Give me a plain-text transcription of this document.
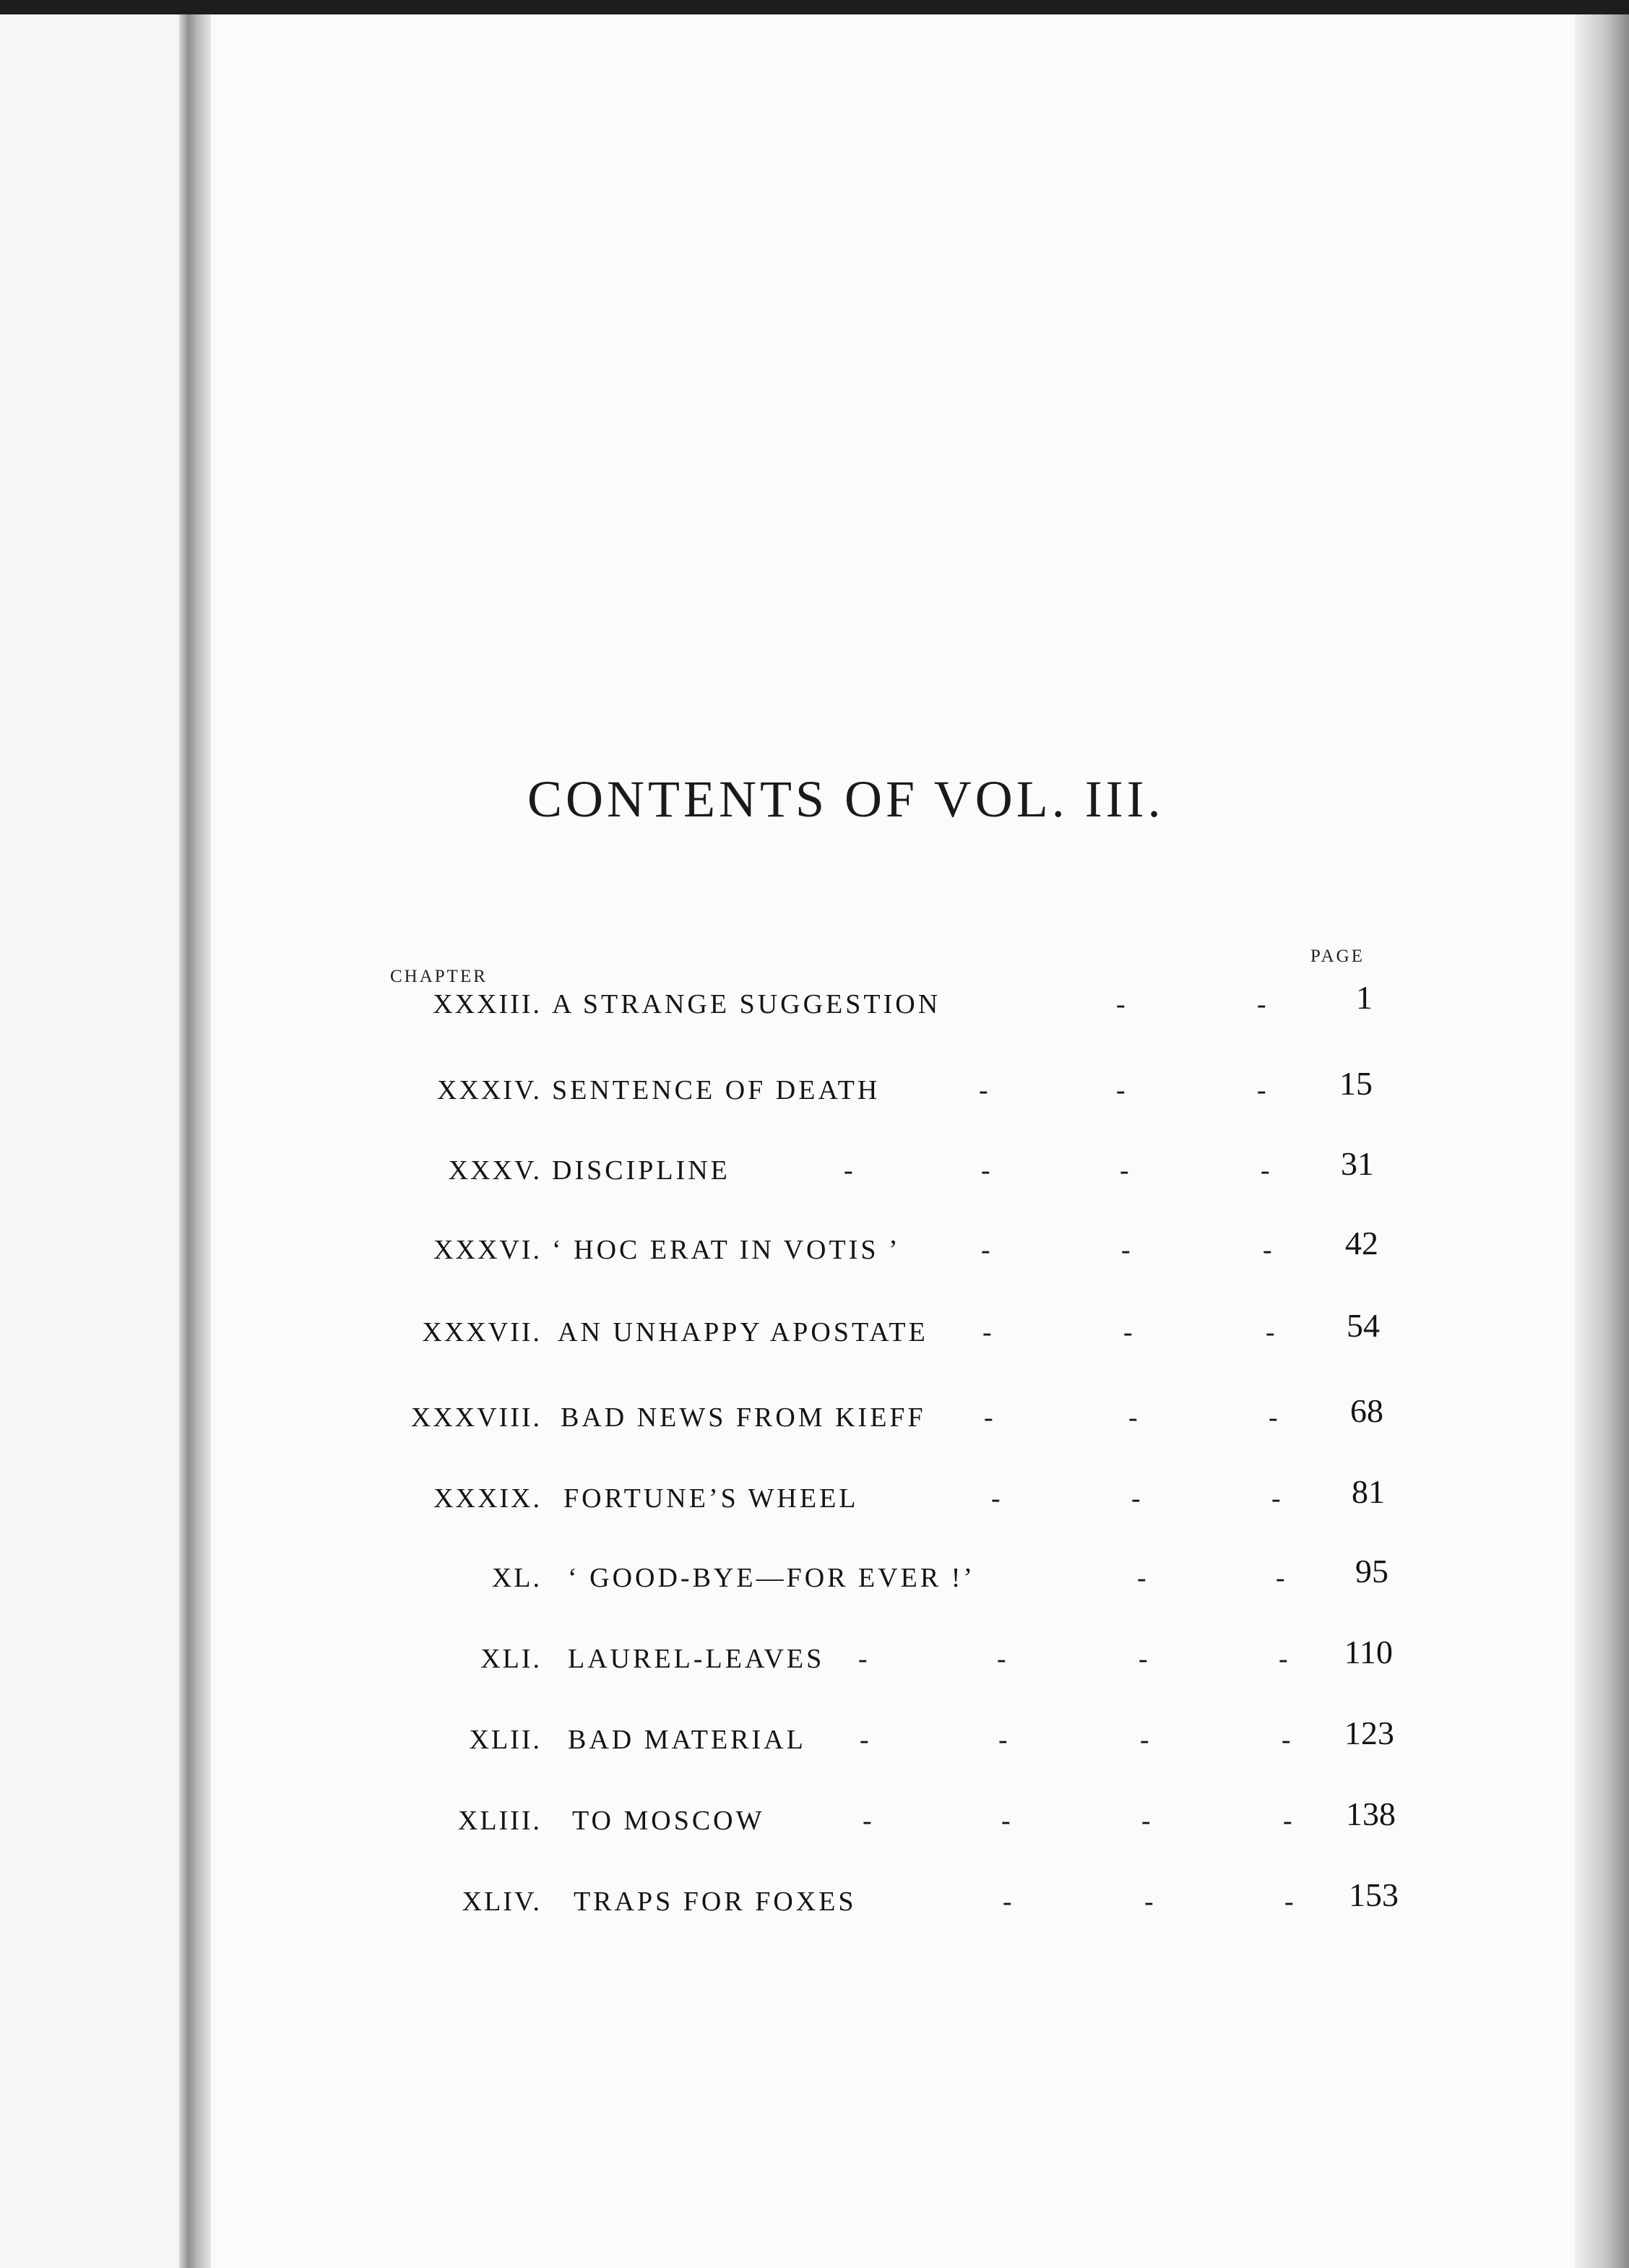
CONTENTS OF VOL. III.
CHAPTER
PAGE
XXXIII. A STRANGE SUGGESTION	-	-	1
XXXIV. SENTENCE OF DEATH	-	-	-	15
XXXV. DISCIPLINE	-	-	-	-	31
XXXVI. ‘ HOC ERAT IN VOTIS ’	-	-	-	42
XXXVII. AN UNHAPPY APOSTATE -	-	-	54
XXXVIII. BAD NEWS FROM KIEFF -	-	-	68
XXXIX. FORTUNE’S WHEEL	-	-	-	81
XL. ‘ GOOD-BYE—FOR EVER !’	-	-	95
XLI. LAUREL-LEAVES -	-	-	-	110
XLII. BAD MATERIAL -	-	-	-	123
XLIII. TO MOSCOW	-	-	-	-	138
XLIV. TRAPS FOR FOXES	-	-	-	153
